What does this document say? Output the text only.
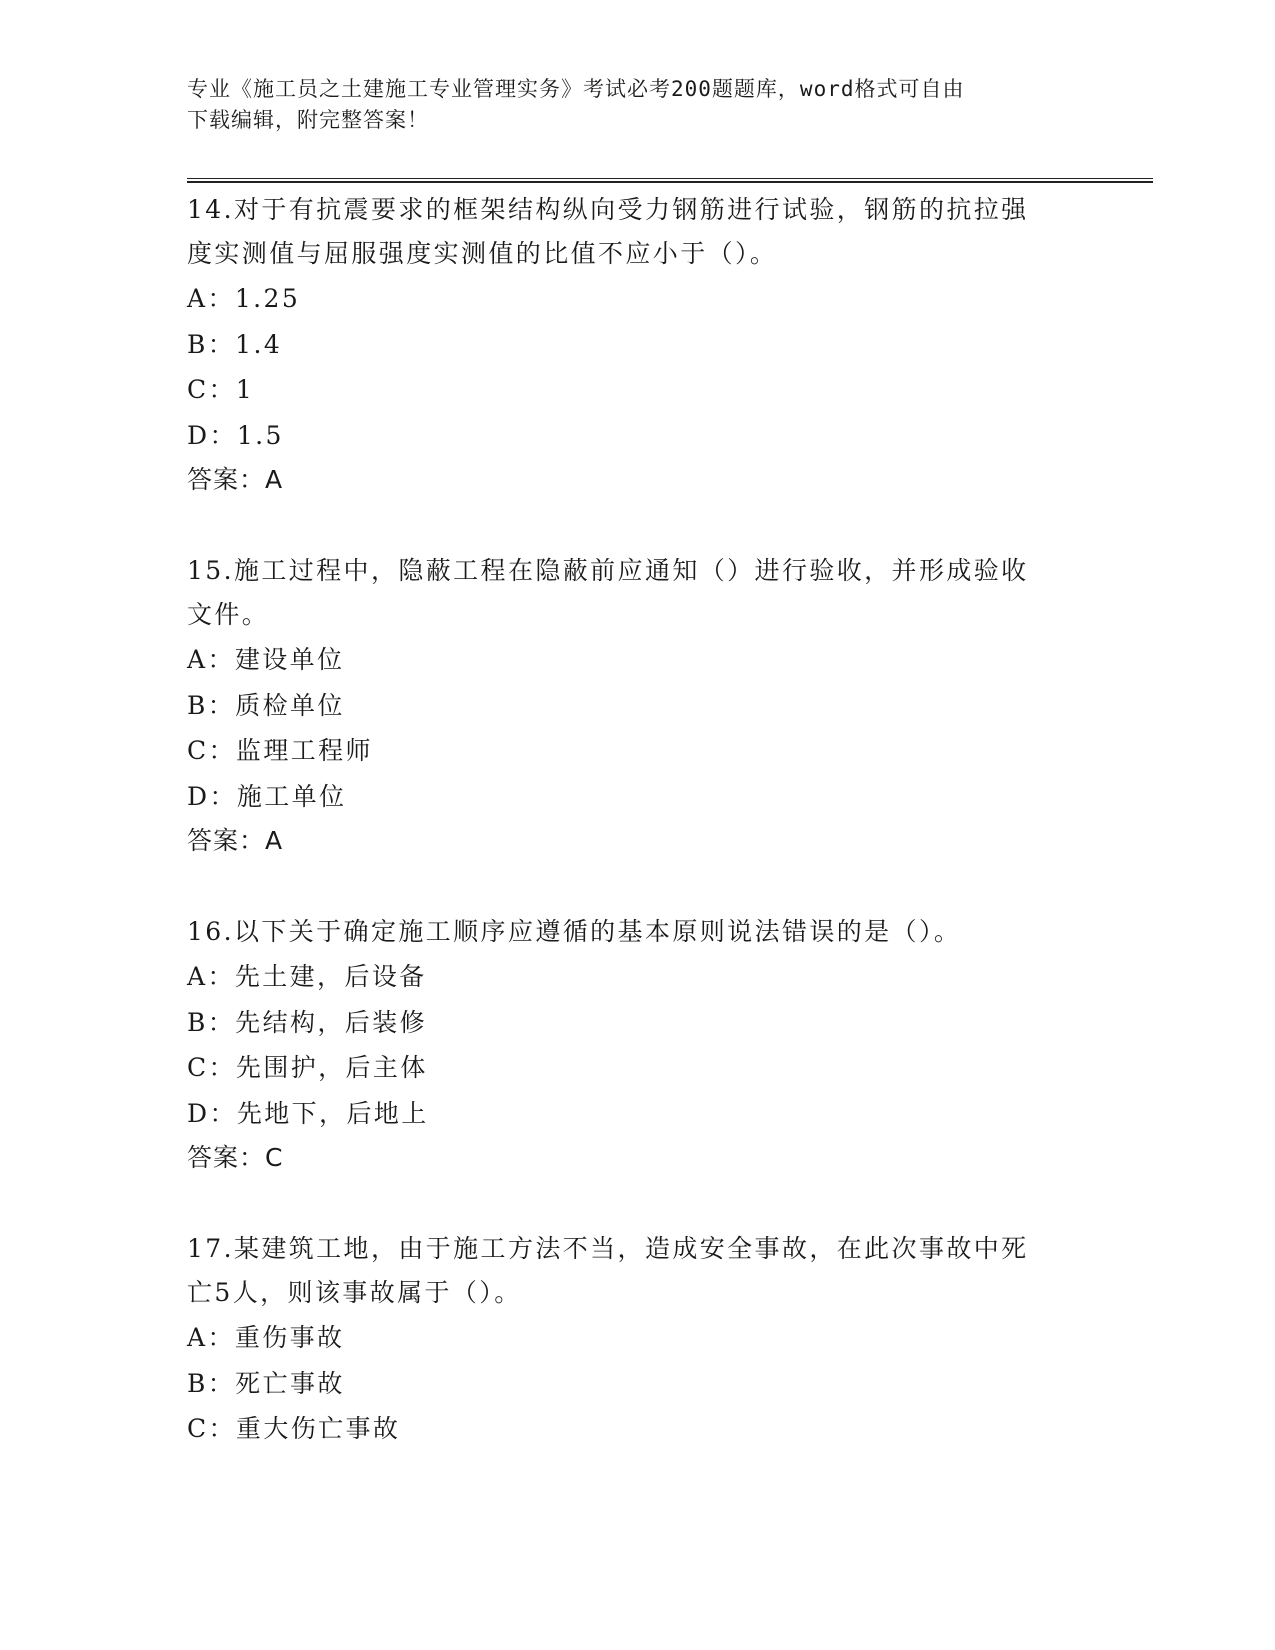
专业《施工员之土建施工专业管理实务》考试必考200题题库，word格式可自由
下载编辑，附完整答案！

14.对于有抗震要求的框架结构纵向受力钢筋进行试验，钢筋的抗拉强
度实测值与屈服强度实测值的比值不应小于（）。

A：1.25

B：1.4

C：1

D：1.5

答案：A

15.施工过程中，隐蔽工程在隐蔽前应通知（）进行验收，并形成验收
文件。

A：建设单位

B：质检单位

C：监理工程师

D：施工单位

答案：A

16.以下关于确定施工顺序应遵循的基本原则说法错误的是（）。

A：先土建，后设备

B：先结构，后装修

C：先围护，后主体

D：先地下，后地上

答案：C

17.某建筑工地，由于施工方法不当，造成安全事故，在此次事故中死
亡5人，则该事故属于（）。

A：重伤事故

B：死亡事故

C：重大伤亡事故
